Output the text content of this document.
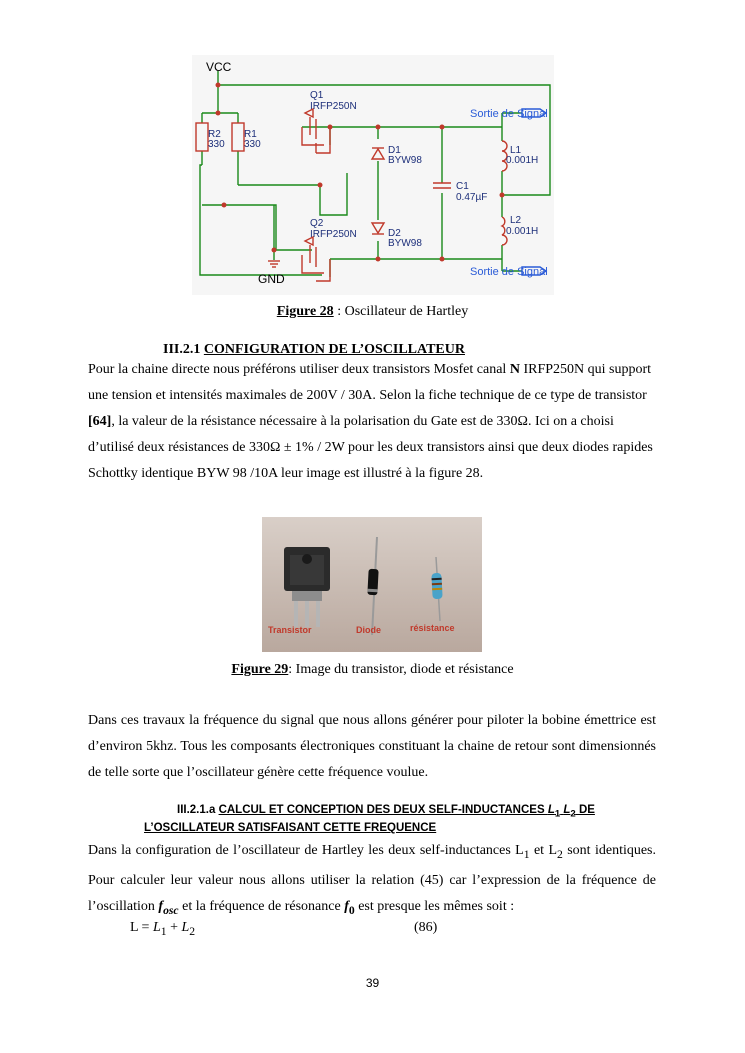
VCC
GND
Q1
IRFP250N
Q2
IRFP250N
R2
330
R1
330
D1
BYW98
D2
BYW98
C1
0.47µF
L1
0.001H
L2
0.001H
Sortie de Signal
Sortie de Signal
Figure 28 : Oscillateur de Hartley
III.2.1 CONFIGURATION DE L’OSCILLATEUR
Pour la chaine directe nous préférons utiliser deux transistors Mosfet canal N IRFP250N qui support une tension et intensités maximales de 200V / 30A. Selon la fiche technique de ce type de transistor [64], la valeur de la résistance nécessaire à la polarisation du Gate est de 330Ω. Ici on a choisi d’utilisé deux résistances de 330Ω ± 1% / 2W pour les deux transistors ainsi que deux diodes rapides Schottky identique BYW 98 /10A leur image est illustré à la figure 28.
Transistor	Diode	résistance
Figure 29: Image du transistor, diode et résistance
Dans ces travaux la fréquence du signal que nous allons générer pour piloter la bobine émettrice est d’environ 5khz. Tous les composants électroniques constituant la chaine de retour sont dimensionnés de telle sorte que l’oscillateur génère cette fréquence voulue.
III.2.1.a CALCUL ET CONCEPTION DES DEUX SELF-INDUCTANCES $L_1$ $L_2$ DE
L’OSCILLATEUR SATISFAISANT CETTE FREQUENCE
Dans la configuration de l’oscillateur de Hartley les deux self-inductances $L_1$ et $L_2$ sont identiques. Pour calculer leur valeur nous allons utiliser la relation (45) car l’expression de la fréquence de l’oscillation $f_{osc}$ et la fréquence de résonance $f_0$ est presque les mêmes soit :
$L = L_1 + L_2$	(86)
39
